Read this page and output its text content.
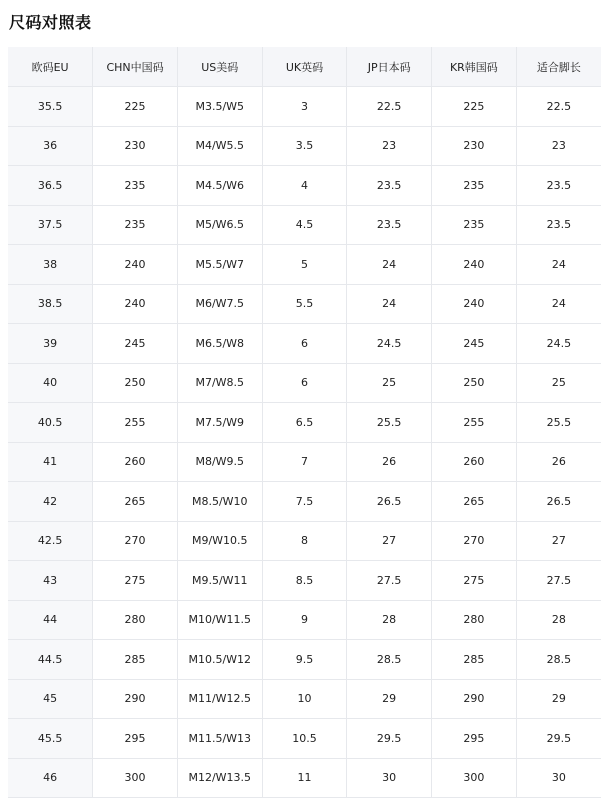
尺码对照表
欧码EU	CHN中国码	US美码	UK英码	JP日本码	KR韩国码	适合脚长
35.5	225	M3.5/W5	3	22.5	225	22.5
36	230	M4/W5.5	3.5	23	230	23
36.5	235	M4.5/W6	4	23.5	235	23.5
37.5	235	M5/W6.5	4.5	23.5	235	23.5
38	240	M5.5/W7	5	24	240	24
38.5	240	M6/W7.5	5.5	24	240	24
39	245	M6.5/W8	6	24.5	245	24.5
40	250	M7/W8.5	6	25	250	25
40.5	255	M7.5/W9	6.5	25.5	255	25.5
41	260	M8/W9.5	7	26	260	26
42	265	M8.5/W10	7.5	26.5	265	26.5
42.5	270	M9/W10.5	8	27	270	27
43	275	M9.5/W11	8.5	27.5	275	27.5
44	280	M10/W11.5	9	28	280	28
44.5	285	M10.5/W12	9.5	28.5	285	28.5
45	290	M11/W12.5	10	29	290	29
45.5	295	M11.5/W13	10.5	29.5	295	29.5
46	300	M12/W13.5	11	30	300	30
